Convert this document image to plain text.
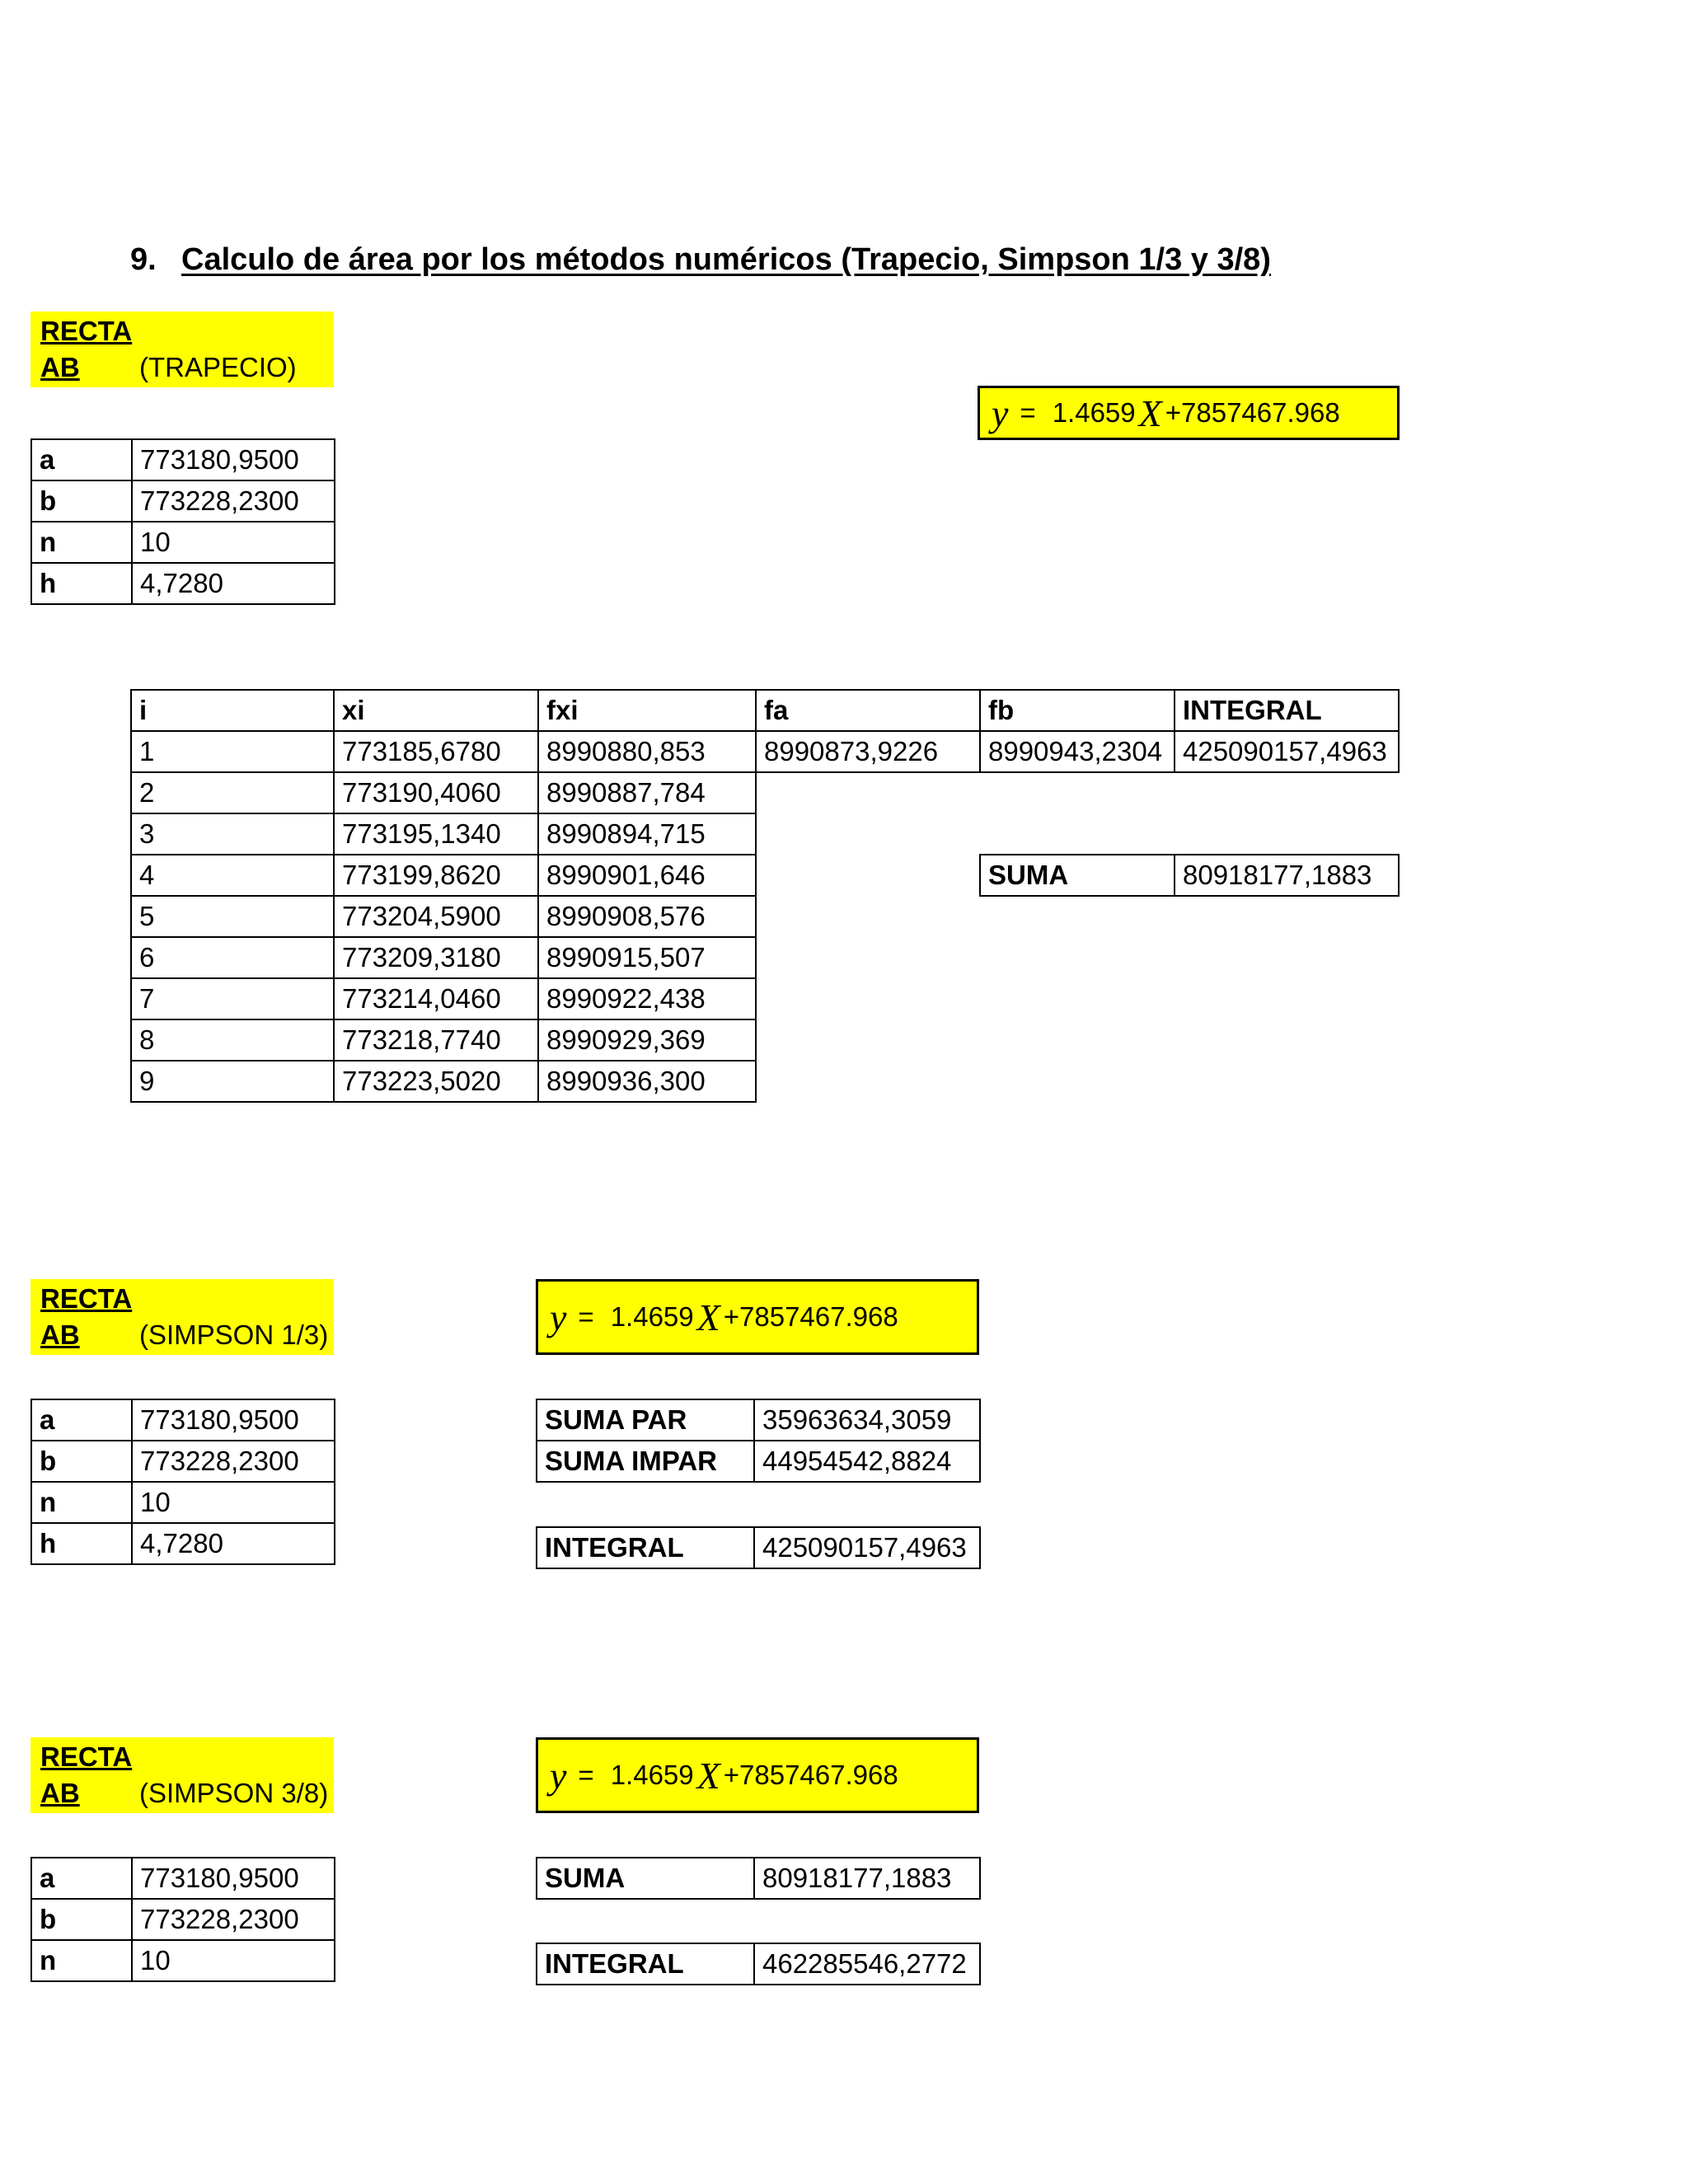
9. Calculo de área por los métodos numéricos (Trapecio, Simpson 1/3 y 3/8)
RECTA
AB (TRAPECIO)
y = 1.4659 X +7857467.968
a	773180,9500
b	773228,2300
n	10
h	4,7280
i	xi	fxi	fa	fb	INTEGRAL
1	773185,6780	8990880,853	8990873,9226	8990943,2304	425090157,4963
2	773190,4060	8990887,784			
3	773195,1340	8990894,715			
4	773199,8620	8990901,646		SUMA	80918177,1883
5	773204,5900	8990908,576			
6	773209,3180	8990915,507			
7	773214,0460	8990922,438			
8	773218,7740	8990929,369			
9	773223,5020	8990936,300			
RECTA
AB (SIMPSON 1/3)	y = 1.4659 X +7857467.968
a	773180,9500
b	773228,2300
n	10
h	4,7280
SUMA PAR	35963634,3059
SUMA IMPAR	44954542,8824
INTEGRAL	425090157,4963
RECTA
AB (SIMPSON 3/8)	y = 1.4659 X +7857467.968
a	773180,9500
b	773228,2300
n	10
SUMA	80918177,1883
INTEGRAL	462285546,2772
